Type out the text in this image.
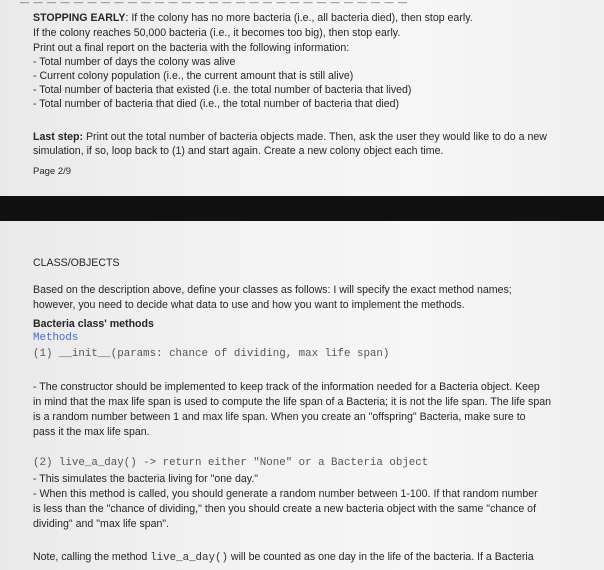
— — — — — — — — — — — — — — — — — — — — — — — — — — — — —
STOPPING EARLY: If the colony has no more bacteria (i.e., all bacteria died), then stop early.
If the colony reaches 50,000 bacteria (i.e., it becomes too big), then stop early.
Print out a final report on the bacteria with the following information:
- Total number of days the colony was alive
- Current colony population (i.e., the current amount that is still alive)
- Total number of bacteria that existed (i.e. the total number of bacteria that lived)
- Total number of bacteria that died (i.e., the total number of bacteria that died)
Last step: Print out the total number of bacteria objects made. Then, ask the user they would like to do a new
simulation, if so, loop back to (1) and start again. Create a new colony object each time.
Page 2/9
CLASS/OBJECTS
Based on the description above, define your classes as follows: I will specify the exact method names;
however, you need to decide what data to use and how you want to implement the methods.
Bacteria class' methods
Methods
(1) __init__(params: chance of dividing, max life span)
- The constructor should be implemented to keep track of the information needed for a Bacteria object. Keep
in mind that the max life span is used to compute the life span of a Bacteria; it is not the life span. The life span
is a random number between 1 and max life span. When you create an "offspring" Bacteria, make sure to
pass it the max life span.
(2) live_a_day() -> return either "None" or a Bacteria object
- This simulates the bacteria living for "one day."
- When this method is called, you should generate a random number between 1-100. If that random number
is less than the "chance of dividing," then you should create a new bacteria object with the same "chance of
dividing" and "max life span".
Note, calling the method live_a_day() will be counted as one day in the life of the bacteria. If a Bacteria
